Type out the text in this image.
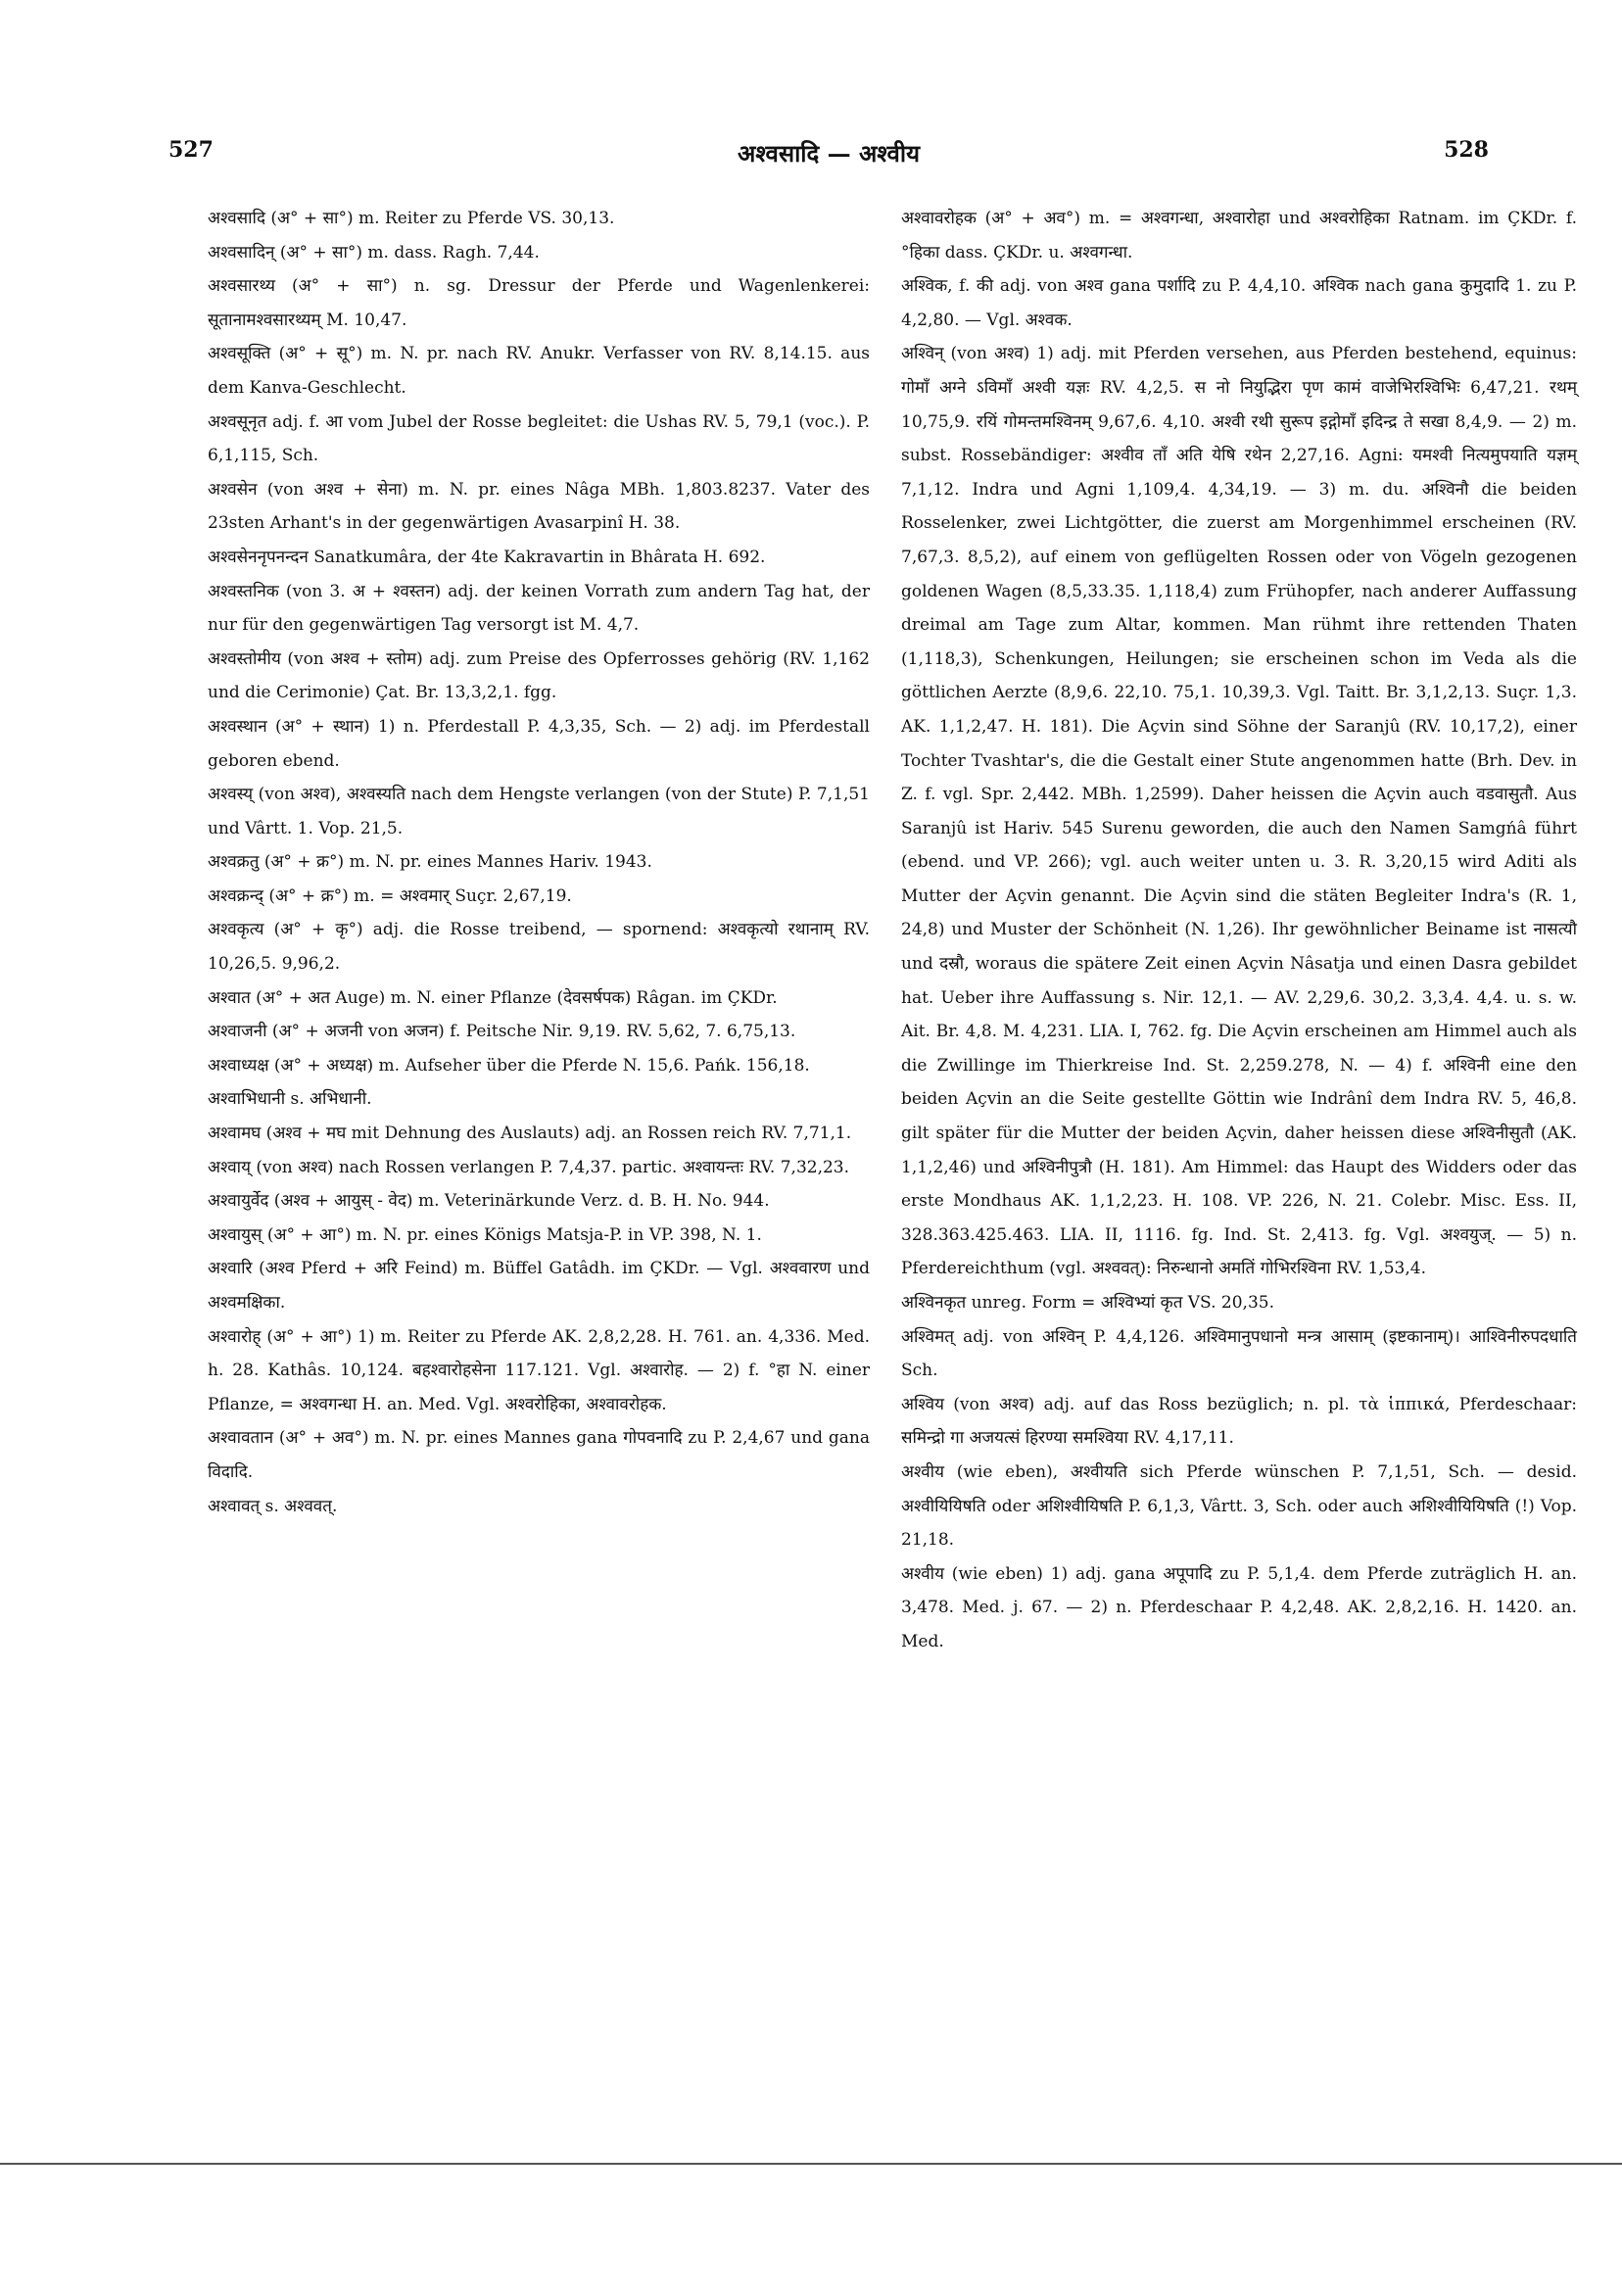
527	अश्वसादि — अश्वीय	528

अश्वसादि (अ° + सा°) m. Reiter zu Pferde VS. 30,13.

अश्वसादिन् (अ° + सा°) m. dass. Ragh. 7,44.

अश्वसारथ्य (अ° + सा°) n. sg. Dressur der Pferde und Wagenlenkerei: सूतानामश्वसारथ्यम् M. 10,47.

अश्वसूक्ति (अ° + सू°) m. N. pr. nach RV. Anukr. Verfasser von RV. 8,14.15. aus dem Kanva-Geschlecht.

अश्वसूनृत adj. f. आ vom Jubel der Rosse begleitet: die Ushas RV. 5, 79,1 (voc.). P. 6,1,115, Sch.

अश्वसेन (von अश्व + सेना) m. N. pr. eines Nâga MBh. 1,803.8237. Vater des 23sten Arhant's in der gegenwärtigen Avasarpinî H. 38.

अश्वसेननृपनन्दन Sanatkumâra, der 4te Kakravartin in Bhârata H. 692.

अश्वस्तनिक (von 3. अ + श्वस्तन) adj. der keinen Vorrath zum andern Tag hat, der nur für den gegenwärtigen Tag versorgt ist M. 4,7.

अश्वस्तोमीय (von अश्व + स्तोम) adj. zum Preise des Opferrosses gehörig (RV. 1,162 und die Cerimonie) Çat. Br. 13,3,2,1. fgg.

अश्वस्थान (अ° + स्थान) 1) n. Pferdestall P. 4,3,35, Sch. — 2) adj. im Pferdestall geboren ebend.

अश्वस्य् (von अश्व), अश्वस्यति nach dem Hengste verlangen (von der Stute) P. 7,1,51 und Vârtt. 1. Vop. 21,5.

अश्वक्रतु (अ° + क्र°) m. N. pr. eines Mannes Hariv. 1943.

अश्वक्रन्द् (अ° + क्र°) m. = अश्वमार् Suçr. 2,67,19.

अश्वकृत्य (अ° + कृ°) adj. die Rosse treibend, — spornend: अश्वकृत्यो रथानाम् RV. 10,26,5. 9,96,2.

अश्वात (अ° + अत Auge) m. N. einer Pflanze (देवसर्षपक) Râgan. im ÇKDr.

अश्वाजनी (अ° + अजनी von अजन) f. Peitsche Nir. 9,19. RV. 5,62, 7. 6,75,13.

अश्वाध्यक्ष (अ° + अध्यक्ष) m. Aufseher über die Pferde N. 15,6. Pańk. 156,18.

अश्वाभिधानी s. अभिधानी.

अश्वामघ (अश्व + मघ mit Dehnung des Auslauts) adj. an Rossen reich RV. 7,71,1.

अश्वाय् (von अश्व) nach Rossen verlangen P. 7,4,37. partic. अश्वायन्तः RV. 7,32,23.

अश्वायुर्वेद (अश्व + आयुस् - वेद) m. Veterinärkunde Verz. d. B. H. No. 944.

अश्वायुस् (अ° + आ°) m. N. pr. eines Königs Matsja-P. in VP. 398, N. 1.

अश्वारि (अश्व Pferd + अरि Feind) m. Büffel Gatâdh. im ÇKDr. — Vgl. अश्ववारण und अश्वमक्षिका.

अश्वारोह् (अ° + आ°) 1) m. Reiter zu Pferde AK. 2,8,2,28. H. 761. an. 4,336. Med. h. 28. Kathâs. 10,124. बहश्वारोहसेना 117.121. Vgl. अश्वारोह. — 2) f. °हा N. einer Pflanze, = अश्वगन्धा H. an. Med. Vgl. अश्वरोहिका, अश्वावरोहक.

अश्वावतान (अ° + अव°) m. N. pr. eines Mannes gana गोपवनादि zu P. 2,4,67 und gana विदादि.

अश्वावत् s. अश्ववत्.

अश्वावरोहक (अ° + अव°) m. = अश्वगन्धा, अश्वारोहा und अश्वरोहिका Ratnam. im ÇKDr. f. °हिका dass. ÇKDr. u. अश्वगन्धा.

अश्विक, f. की adj. von अश्व gana पर्शादि zu P. 4,4,10. अश्विक nach gana कुमुदादि 1. zu P. 4,2,80. — Vgl. अश्वक.

अश्विन् (von अश्व) 1) adj. mit Pferden versehen, aus Pferden bestehend, equinus: गोमाँ अग्ने ऽविमाँ अश्वी यज्ञः RV. 4,2,5. स नो नियुद्भिरा पृण कामं वाजेभिरश्विभिः 6,47,21. रथम् 10,75,9. रयिं गोमन्तमश्विनम् 9,67,6. 4,10. अश्वी रथी सुरूप इद्गोमाँ इदिन्द्र ते सखा 8,4,9. — 2) m. subst. Rossebändiger: अश्वीव ताँ अति येषि रथेन 2,27,16. Agni: यमश्वी नित्यमुपयाति यज्ञम् 7,1,12. Indra und Agni 1,109,4. 4,34,19. — 3) m. du. अश्विनौ die beiden Rosselenker, zwei Lichtgötter, die zuerst am Morgenhimmel erscheinen (RV. 7,67,3. 8,5,2), auf einem von geflügelten Rossen oder von Vögeln gezogenen goldenen Wagen (8,5,33.35. 1,118,4) zum Frühopfer, nach anderer Auffassung dreimal am Tage zum Altar, kommen. Man rühmt ihre rettenden Thaten (1,118,3), Schenkungen, Heilungen; sie erscheinen schon im Veda als die göttlichen Aerzte (8,9,6. 22,10. 75,1. 10,39,3. Vgl. Taitt. Br. 3,1,2,13. Suçr. 1,3. AK. 1,1,2,47. H. 181). Die Açvin sind Söhne der Saranjû (RV. 10,17,2), einer Tochter Tvashtar's, die die Gestalt einer Stute angenommen hatte (Brh. Dev. in Z. f. vgl. Spr. 2,442. MBh. 1,2599). Daher heissen die Açvin auch वडवासुतौ. Aus Saranjû ist Hariv. 545 Surenu geworden, die auch den Namen Samgńâ führt (ebend. und VP. 266); vgl. auch weiter unten u. 3. R. 3,20,15 wird Aditi als Mutter der Açvin genannt. Die Açvin sind die stäten Begleiter Indra's (R. 1, 24,8) und Muster der Schönheit (N. 1,26). Ihr gewöhnlicher Beiname ist नासत्यौ und दस्रौ, woraus die spätere Zeit einen Açvin Nâsatja und einen Dasra gebildet hat. Ueber ihre Auffassung s. Nir. 12,1. — AV. 2,29,6. 30,2. 3,3,4. 4,4. u. s. w. Ait. Br. 4,8. M. 4,231. LIA. I, 762. fg. Die Açvin erscheinen am Himmel auch als die Zwillinge im Thierkreise Ind. St. 2,259.278, N. — 4) f. अश्विनी eine den beiden Açvin an die Seite gestellte Göttin wie Indrânî dem Indra RV. 5, 46,8. gilt später für die Mutter der beiden Açvin, daher heissen diese अश्विनीसुतौ (AK. 1,1,2,46) und अश्विनीपुत्रौ (H. 181). Am Himmel: das Haupt des Widders oder das erste Mondhaus AK. 1,1,2,23. H. 108. VP. 226, N. 21. Colebr. Misc. Ess. II, 328.363.425.463. LIA. II, 1116. fg. Ind. St. 2,413. fg. Vgl. अश्वयुज्. — 5) n. Pferdereichthum (vgl. अश्ववत्): निरुन्धानो अमतिं गोभिरश्विना RV. 1,53,4.

अश्विनकृत unreg. Form = अश्विभ्यां कृत VS. 20,35.

अश्विमत् adj. von अश्विन् P. 4,4,126. अश्विमानुपधानो मन्त्र आसाम् (इष्टकानाम्)। आश्विनीरुपदधाति Sch.

अश्विय (von अश्व) adj. auf das Ross bezüglich; n. pl. τὰ ἱππικά, Pferdeschaar: समिन्द्रो गा अजयत्सं हिरण्या समश्विया RV. 4,17,11.

अश्वीय (wie eben), अश्वीयति sich Pferde wünschen P. 7,1,51, Sch. — desid. अश्वीयियिषति oder अशिश्वीयिषति P. 6,1,3, Vârtt. 3, Sch. oder auch अशिश्वीयियिषति (!) Vop. 21,18.

अश्वीय (wie eben) 1) adj. gana अपूपादि zu P. 5,1,4. dem Pferde zuträglich H. an. 3,478. Med. j. 67. — 2) n. Pferdeschaar P. 4,2,48. AK. 2,8,2,16. H. 1420. an. Med.
